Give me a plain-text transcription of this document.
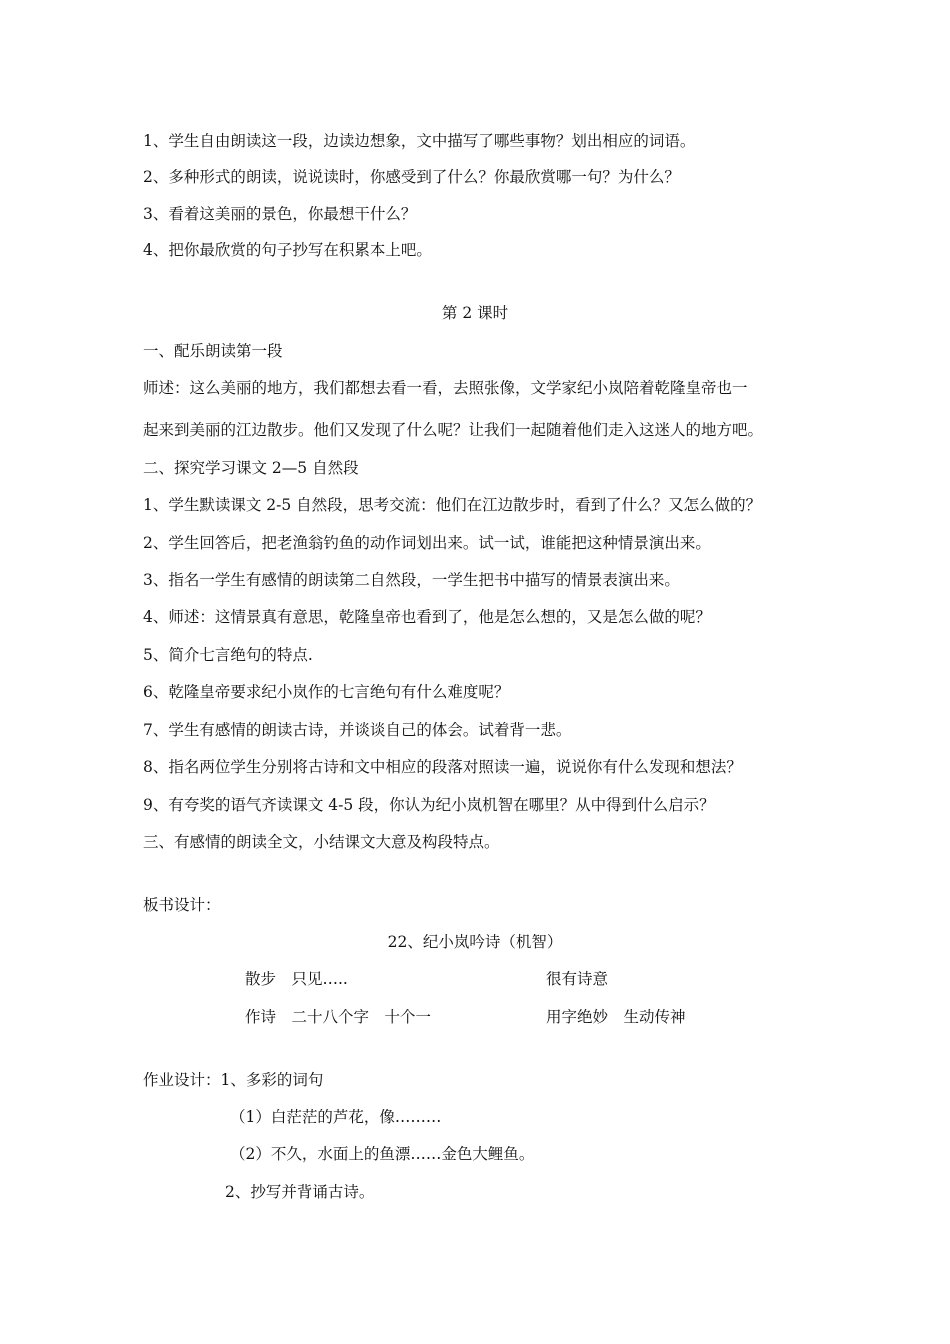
1、学生自由朗读这一段，边读边想象，文中描写了哪些事物？划出相应的词语。
2、多种形式的朗读，说说读时，你感受到了什么？你最欣赏哪一句？为什么？
3、看着这美丽的景色，你最想干什么？
4、把你最欣赏的句子抄写在积累本上吧。
第 2 课时
一、配乐朗读第一段
师述：这么美丽的地方，我们都想去看一看，去照张像，文学家纪小岚陪着乾隆皇帝也一
起来到美丽的江边散步。他们又发现了什么呢？让我们一起随着他们走入这迷人的地方吧。
二、探究学习课文 2—5 自然段
1、学生默读课文 2-5 自然段，思考交流：他们在江边散步时，看到了什么？又怎么做的？
2、学生回答后，把老渔翁钓鱼的动作词划出来。试一试，谁能把这种情景演出来。
3、指名一学生有感情的朗读第二自然段，一学生把书中描写的情景表演出来。
4、师述：这情景真有意思，乾隆皇帝也看到了，他是怎么想的，又是怎么做的呢？
5、简介七言绝句的特点.
6、乾隆皇帝要求纪小岚作的七言绝句有什么难度呢？
7、学生有感情的朗读古诗，并谈谈自己的体会。试着背一悲。
8、指名两位学生分别将古诗和文中相应的段落对照读一遍，说说你有什么发现和想法？
9、有夸奖的语气齐读课文 4-5 段，你认为纪小岚机智在哪里？从中得到什么启示？
三、有感情的朗读全文，小结课文大意及构段特点。
板书设计：
22、纪小岚吟诗（机智）
散步　只见…..	很有诗意
作诗　二十八个字　十个一	用字绝妙　生动传神
作业设计：1、多彩的词句
（1）白茫茫的芦花，像………
（2）不久，水面上的鱼漂……金色大鲤鱼。
2、抄写并背诵古诗。
